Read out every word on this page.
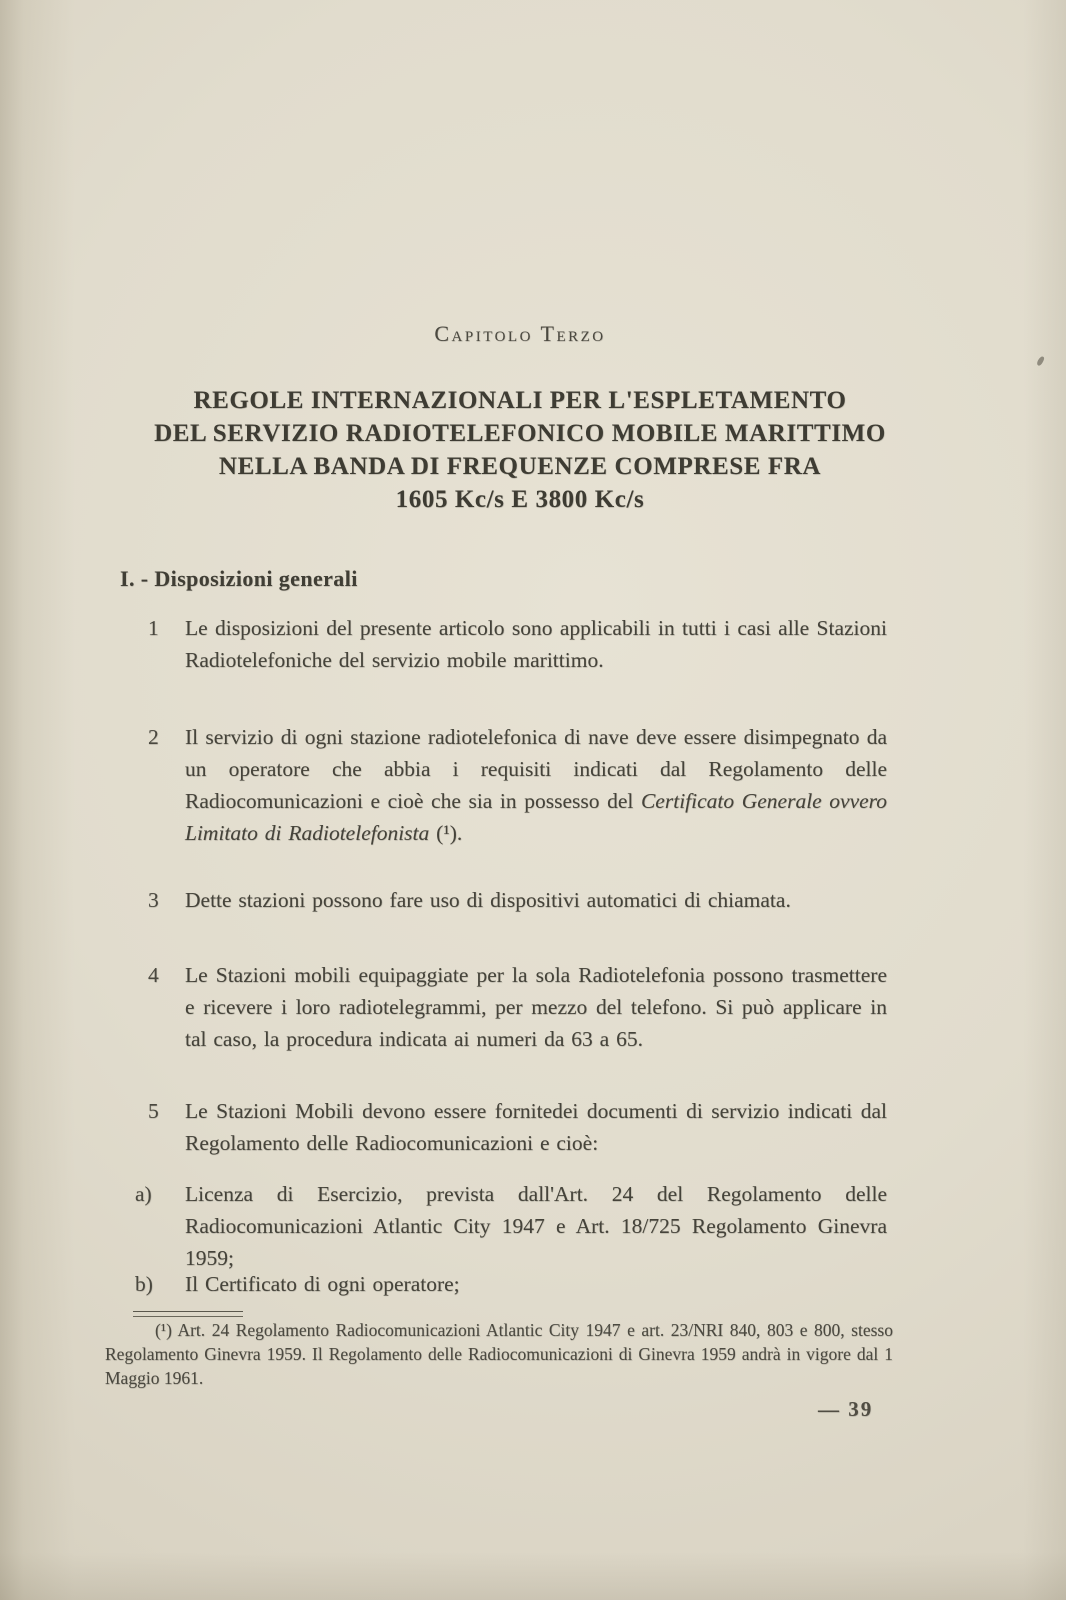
Capitolo Terzo
REGOLE INTERNAZIONALI PER L'ESPLETAMENTO
DEL SERVIZIO RADIOTELEFONICO MOBILE MARITTIMO
NELLA BANDA DI FREQUENZE COMPRESE FRA
1605 Kc/s E 3800 Kc/s
I. - Disposizioni generali
1	Le disposizioni del presente articolo sono applicabili in tutti i casi alle Stazioni Radiotelefoniche del servizio mobile marittimo.
2	Il servizio di ogni stazione radiotelefonica di nave deve essere disimpegnato da un operatore che abbia i requisiti indicati dal Regolamento delle Radiocomunicazioni e cioè che sia in possesso del Certificato Generale ovvero Limitato di Radiotelefonista (¹).
3	Dette stazioni possono fare uso di dispositivi automatici di chiamata.
4	Le Stazioni mobili equipaggiate per la sola Radiotelefonia possono trasmettere e ricevere i loro radiotelegrammi, per mezzo del telefono. Si può applicare in tal caso, la procedura indicata ai numeri da 63 a 65.
5	Le Stazioni Mobili devono essere fornitedei documenti di servizio indicati dal Regolamento delle Radiocomunicazioni e cioè:
a)	Licenza di Esercizio, prevista dall'Art. 24 del Regolamento delle Radiocomunicazioni Atlantic City 1947 e Art. 18/725 Regolamento Ginevra 1959;
b)	Il Certificato di ogni operatore;
(¹) Art. 24 Regolamento Radiocomunicazioni Atlantic City 1947 e art. 23/NRI 840, 803 e 800, stesso Regolamento Ginevra 1959. Il Regolamento delle Radiocomunicazioni di Ginevra 1959 andrà in vigore dal 1 Maggio 1961.
— 39
